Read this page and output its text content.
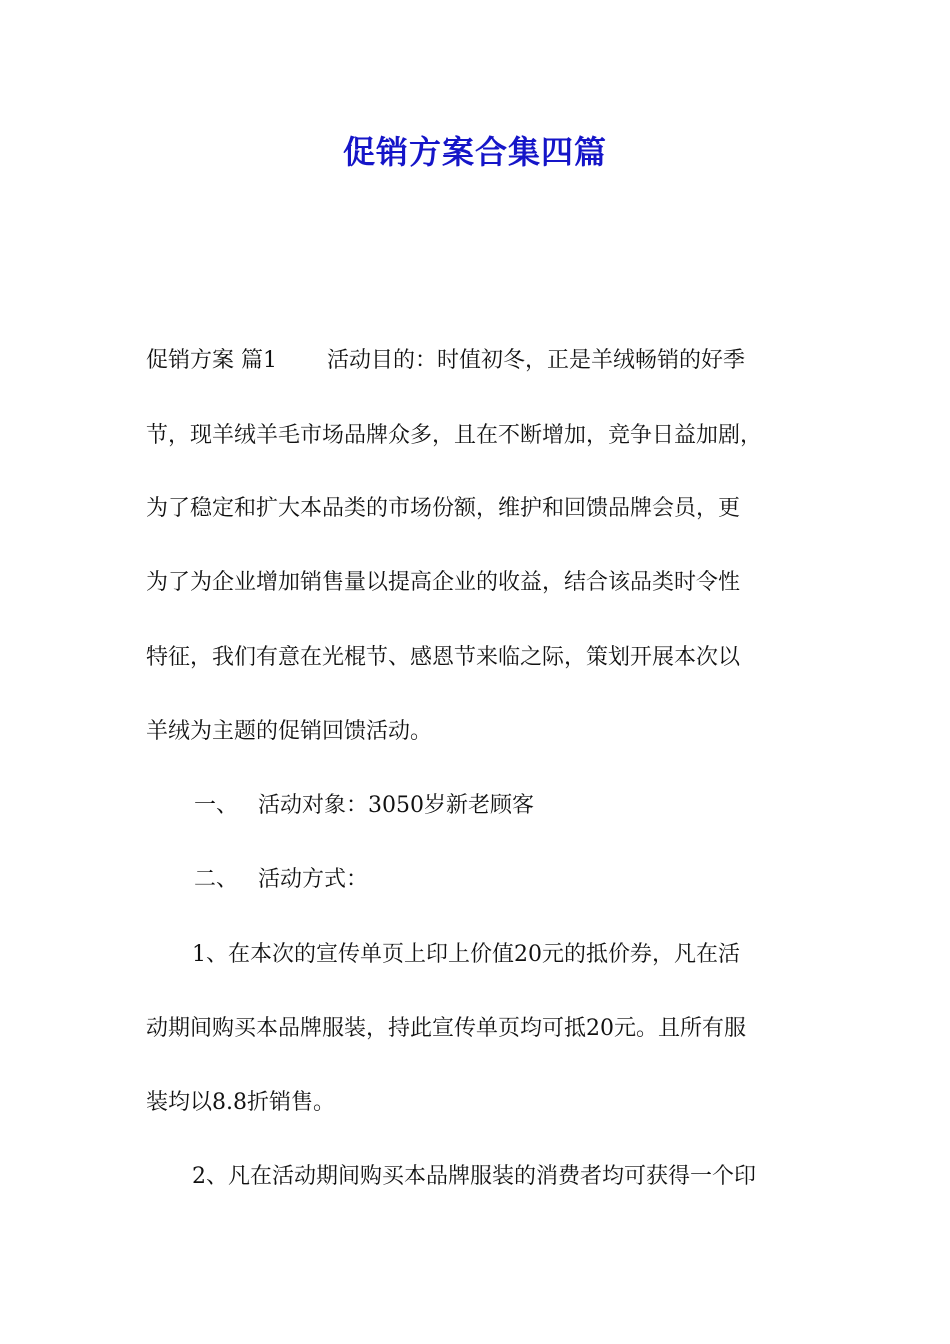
促销方案合集四篇
促销方案 篇1 活动目的：时值初冬，正是羊绒畅销的好季
节，现羊绒羊毛市场品牌众多，且在不断增加，竞争日益加剧，
为了稳定和扩大本品类的市场份额，维护和回馈品牌会员，更
为了为企业增加销售量以提高企业的收益，结合该品类时令性
特征，我们有意在光棍节、感恩节来临之际，策划开展本次以
羊绒为主题的促销回馈活动。
一、 活动对象：3050岁新老顾客
二、 活动方式：
1、在本次的宣传单页上印上价值20元的抵价券，凡在活
动期间购买本品牌服装，持此宣传单页均可抵20元。且所有服
装均以8.8折销售。
2、凡在活动期间购买本品牌服装的消费者均可获得一个印
